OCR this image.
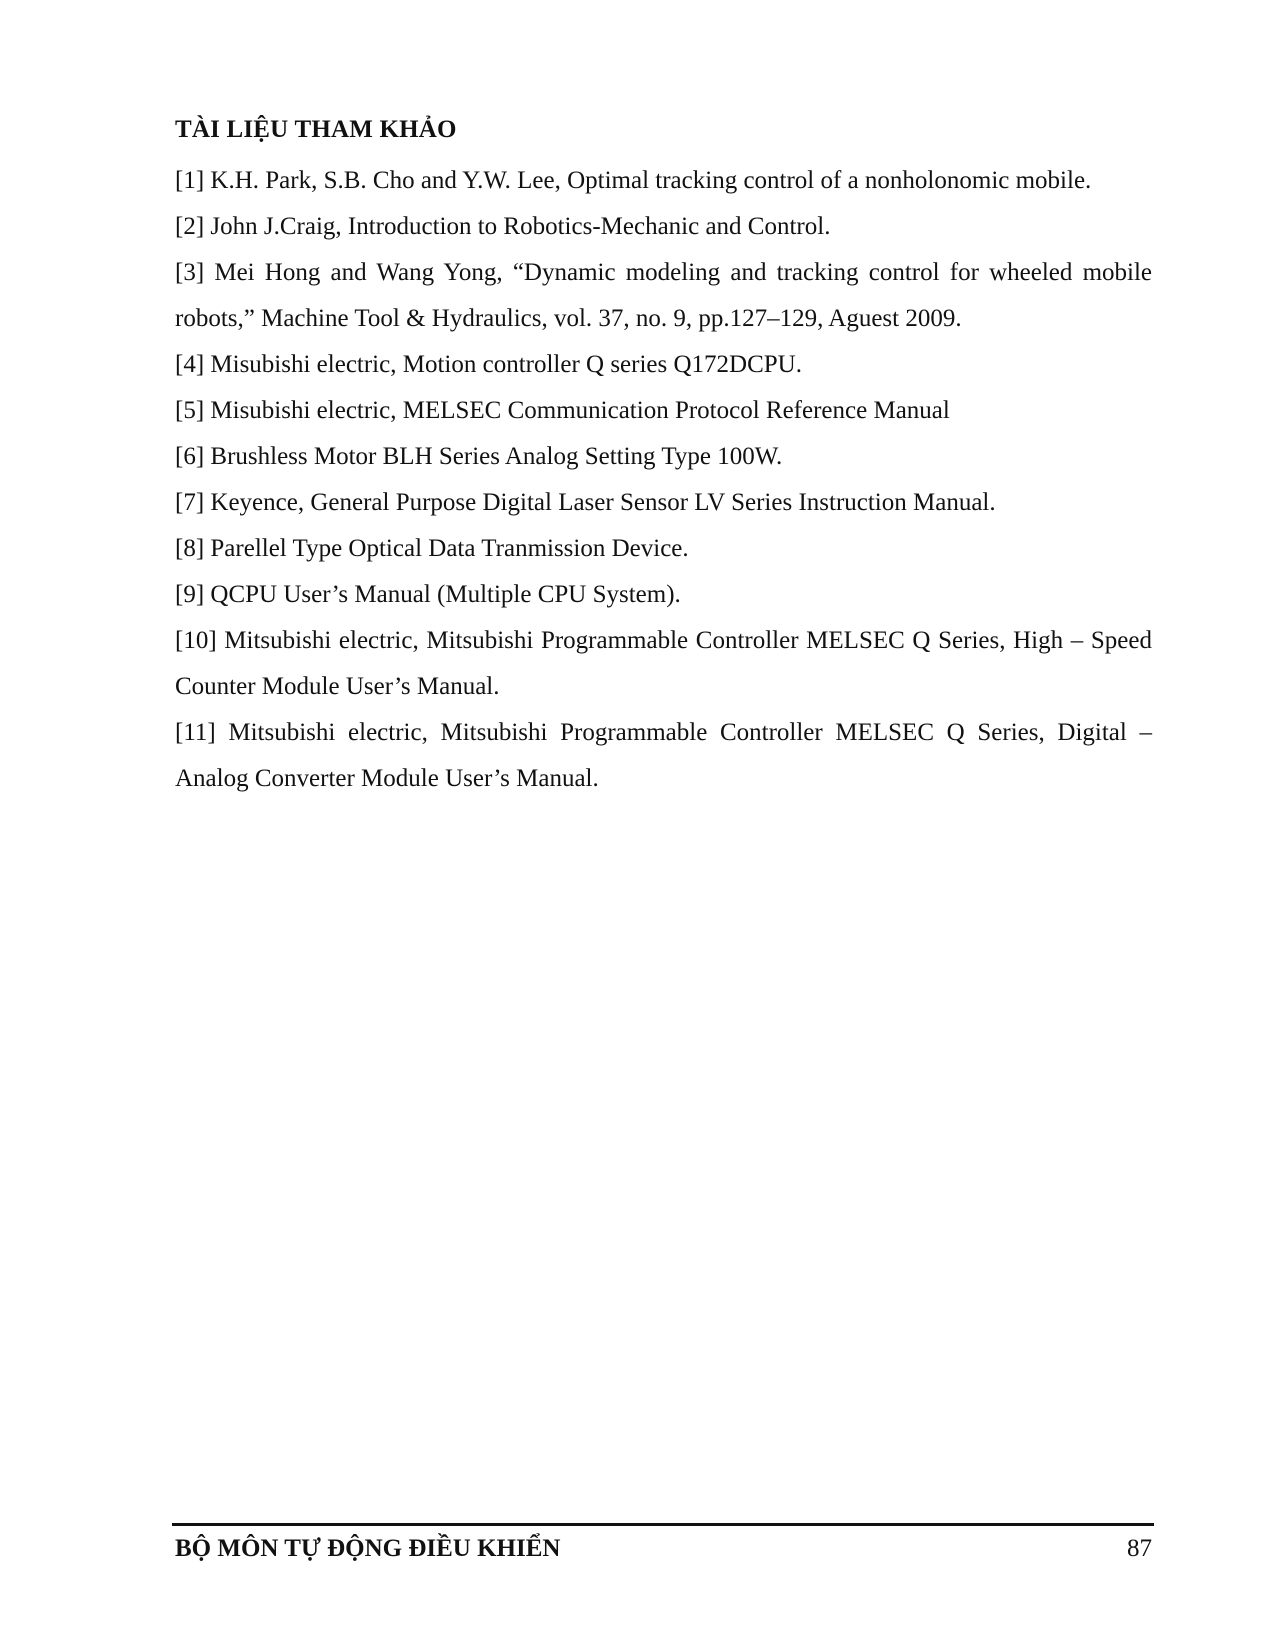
TÀI LIỆU THAM KHẢO

[1] K.H. Park, S.B. Cho and Y.W. Lee, Optimal tracking control of a nonholonomic mobile.

[2] John J.Craig, Introduction to Robotics-Mechanic and Control.

[3] Mei Hong and Wang Yong, “Dynamic modeling and tracking control for wheeled mobile robots,” Machine Tool & Hydraulics, vol. 37, no. 9, pp.127–129, Aguest 2009.

[4] Misubishi electric, Motion controller Q series Q172DCPU.

[5] Misubishi electric, MELSEC Communication Protocol Reference Manual

[6] Brushless Motor BLH Series Analog Setting Type 100W.

[7] Keyence, General Purpose Digital Laser Sensor LV Series Instruction Manual.

[8] Parellel Type Optical Data Tranmission Device.

[9] QCPU User’s Manual (Multiple CPU System).

[10] Mitsubishi electric, Mitsubishi Programmable Controller MELSEC Q Series, High – Speed Counter Module User’s Manual.

[11] Mitsubishi electric, Mitsubishi Programmable Controller MELSEC Q Series, Digital – Analog Converter Module User’s Manual.

BỘ MÔN TỰ ĐỘNG ĐIỀU KHIỂN	87
